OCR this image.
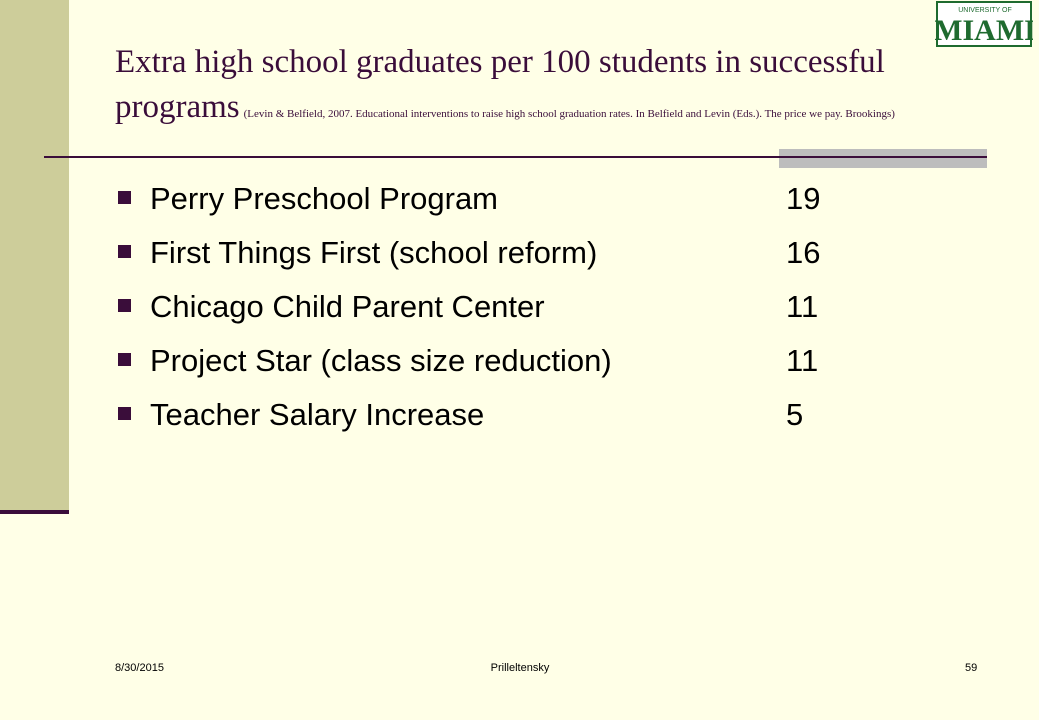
UNIVERSITY OF
MIAMI
Extra high school graduates per 100 students in successful programs (Levin & Belfield, 2007. Educational interventions to raise high school graduation rates. In Belfield and Levin (Eds.). The price we pay. Brookings)
Perry Preschool Program	19
First Things First (school reform)	16
Chicago Child Parent Center	11
Project Star (class size reduction)	11
Teacher Salary Increase	5
8/30/2015	Prilleltensky	59
